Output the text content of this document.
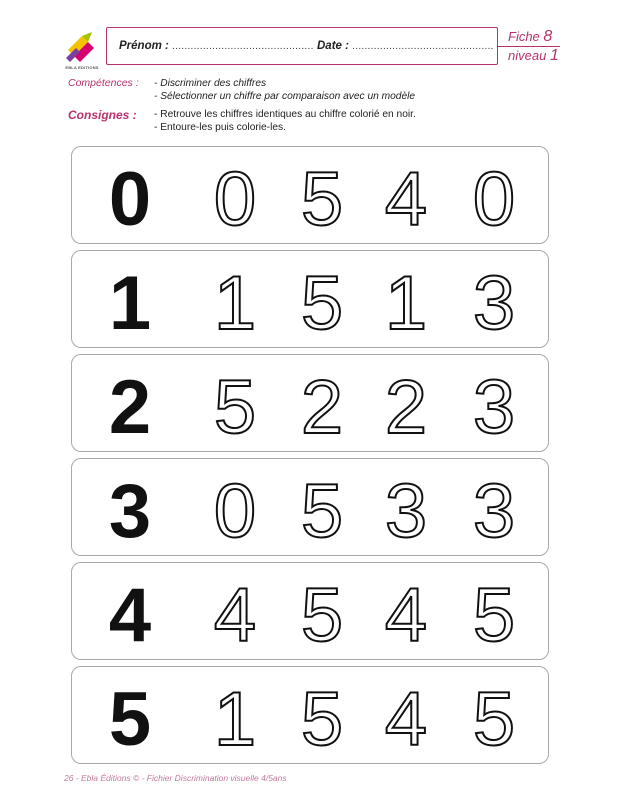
EBLA EDITIONS
Prénom : .............................................. Date : ..............................................
Fiche 8
niveau 1
Compétences : - Discriminer des chiffres
- Sélectionner un chiffre par comparaison avec un modèle
Consignes : - Retrouve les chiffres identiques au chiffre colorié en noir.
- Entoure-les puis colorie-les.
0 0 5 4 0
1 1 5 1 3
2 5 2 2 3
3 0 5 3 3
4 4 5 4 5
5 1 5 4 5
26 - Ebla Éditions © - Fichier Discrimination visuelle 4/5ans
